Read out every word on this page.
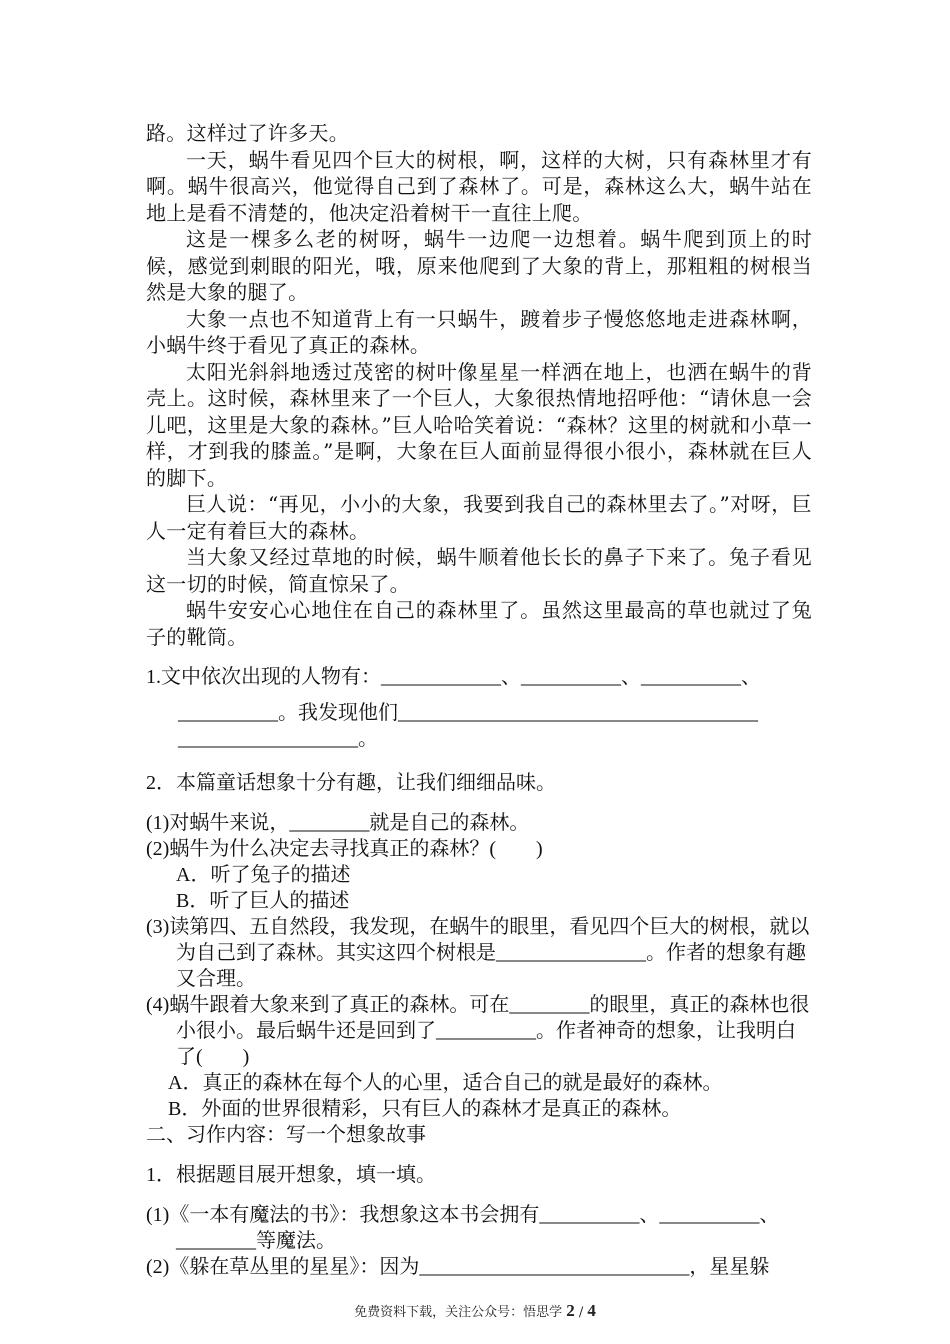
路。这样过了许多天。

一天，蜗牛看见四个巨大的树根，啊，这样的大树，只有森林里才有啊。蜗牛很高兴，他觉得自己到了森林了。可是，森林这么大，蜗牛站在地上是看不清楚的，他决定沿着树干一直往上爬。

这是一棵多么老的树呀，蜗牛一边爬一边想着。蜗牛爬到顶上的时候，感觉到刺眼的阳光，哦，原来他爬到了大象的背上，那粗粗的树根当然是大象的腿了。

大象一点也不知道背上有一只蜗牛，踱着步子慢悠悠地走进森林啊，小蜗牛终于看见了真正的森林。

太阳光斜斜地透过茂密的树叶像星星一样洒在地上，也洒在蜗牛的背壳上。这时候，森林里来了一个巨人，大象很热情地招呼他：“请休息一会儿吧，这里是大象的森林。”巨人哈哈笑着说：“森林？这里的树就和小草一样，才到我的膝盖。”是啊，大象在巨人面前显得很小很小，森林就在巨人的脚下。

巨人说：“再见，小小的大象，我要到我自己的森林里去了。”对呀，巨人一定有着巨大的森林。

当大象又经过草地的时候，蜗牛顺着他长长的鼻子下来了。兔子看见这一切的时候，简直惊呆了。

蜗牛安安心心地住在自己的森林里了。虽然这里最高的草也就过了兔子的靴筒。

1.文中依次出现的人物有：____________、__________、__________、

__________。我发现他们____________________________________

__________________。

2．本篇童话想象十分有趣，让我们细细品味。

(1)对蜗牛来说，________就是自己的森林。

(2)蜗牛为什么决定去寻找真正的森林？(　　)

A．听了兔子的描述

B．听了巨人的描述

(3)读第四、五自然段，我发现，在蜗牛的眼里，看见四个巨大的树根，就以为自己到了森林。其实这四个树根是_______________。作者的想象有趣又合理。

(4)蜗牛跟着大象来到了真正的森林。可在________的眼里，真正的森林也很小很小。最后蜗牛还是回到了__________。作者神奇的想象，让我明白了(　　)

A．真正的森林在每个人的心里，适合自己的就是最好的森林。

B．外面的世界很精彩，只有巨人的森林才是真正的森林。

二、习作内容：写一个想象故事

1．根据题目展开想象，填一填。

(1)《一本有魔法的书》：我想象这本书会拥有__________、__________、________等魔法。

(2)《躲在草丛里的星星》：因为___________________________，星星躲

免费资料下载，关注公众号：悟思学 2 / 4
